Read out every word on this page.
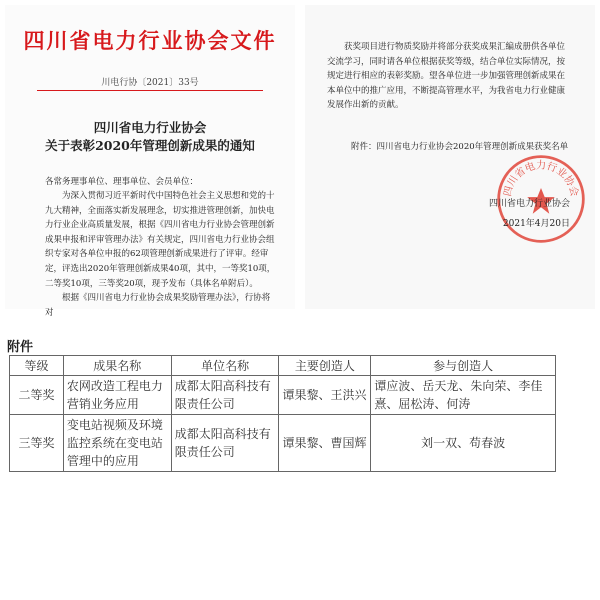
四川省电力行业协会文件
川电行协〔2021〕33号
四川省电力行业协会
关于表彰2020年管理创新成果的通知
各常务理事单位、理事单位、会员单位：

为深入贯彻习近平新时代中国特色社会主义思想和党的十九大精神，全面落实新发展理念，切实推进管理创新，加快电力行业企业高质量发展，根据《四川省电力行业协会管理创新成果申报和评审管理办法》有关规定，四川省电力行业协会组织专家对各单位申报的62项管理创新成果进行了评审。经审定，评选出2020年管理创新成果40项，其中，一等奖10项，二等奖10项，三等奖20项，现予发布（具体名单附后）。

根据《四川省电力行业协会成果奖励管理办法》，行协将对

获奖项目进行物质奖励并将部分获奖成果汇编成册供各单位交流学习，同时请各单位根据获奖等级，结合单位实际情况，按规定进行相应的表彰奖励。望各单位进一步加强管理创新成果在本单位中的推广应用，不断提高管理水平，为我省电力行业健康发展作出新的贡献。

附件：四川省电力行业协会2020年管理创新成果获奖名单
四川省电力行业协会
四川省电力行业协会
2021年4月20日
附件
等级	成果名称	单位名称	主要创造人	参与创造人
二等奖	农网改造工程电力营销业务应用	成都太阳高科技有限责任公司	谭果黎、王洪兴	谭应波、岳天龙、朱向荣、李佳熹、屈松涛、何涛
三等奖	变电站视频及环境监控系统在变电站管理中的应用	成都太阳高科技有限责任公司	谭果黎、曹国辉	刘一双、苟春波
